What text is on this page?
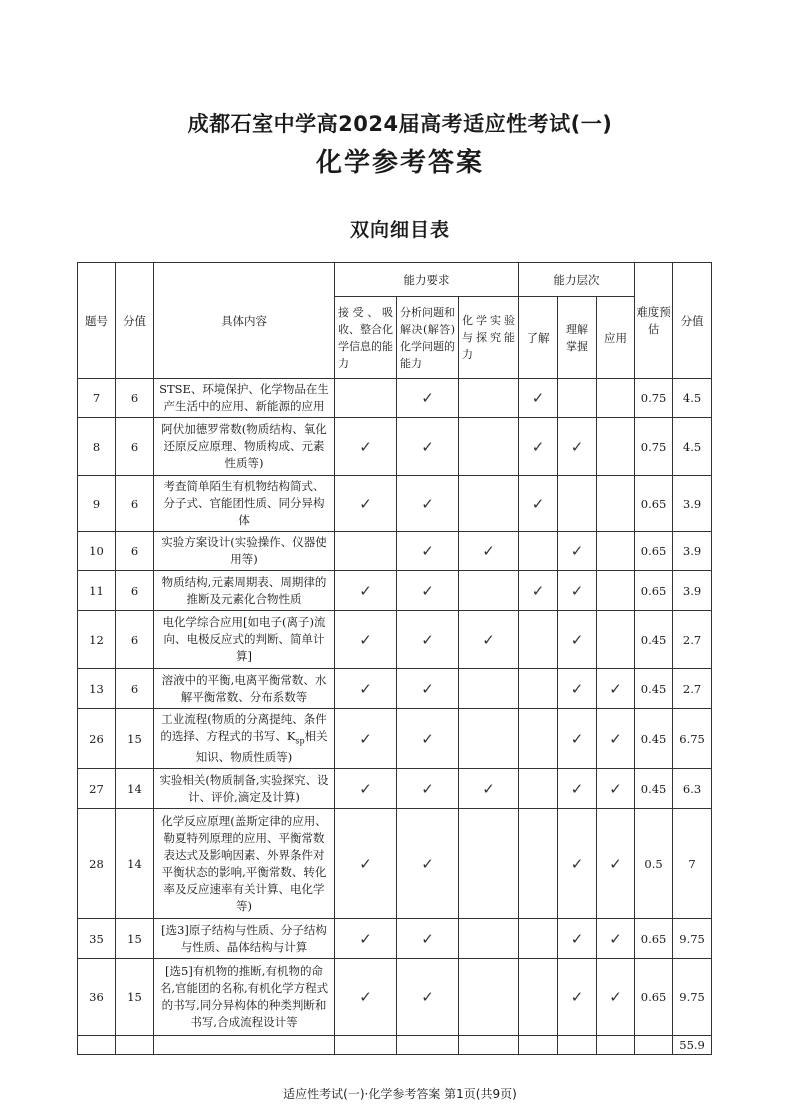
成都石室中学高2024届高考适应性考试(一)
化学参考答案
双向细目表
题号	分值	具体内容	能力要求			能力层次			难度预估	分值
			接受、吸收、整合化学信息的能力	分析问题和解决(解答)化学问题的能力	化学实验与探究能力	了解	理解掌握	应用		
7	6	STSE、环境保护、化学物品在生产生活中的应用、新能源的应用		✓		✓			0.75	4.5
8	6	阿伏加德罗常数(物质结构、氧化还原反应原理、物质构成、元素性质等)	✓	✓		✓	✓		0.75	4.5
9	6	考查简单陌生有机物结构简式、分子式、官能团性质、同分异构体	✓	✓		✓			0.65	3.9
10	6	实验方案设计(实验操作、仪器使用等)		✓	✓		✓		0.65	3.9
11	6	物质结构,元素周期表、周期律的推断及元素化合物性质	✓	✓		✓	✓		0.65	3.9
12	6	电化学综合应用[如电子(离子)流向、电极反应式的判断、简单计算]	✓	✓	✓		✓		0.45	2.7
13	6	溶液中的平衡,电离平衡常数、水解平衡常数、分布系数等	✓	✓			✓	✓	0.45	2.7
26	15	工业流程(物质的分离提纯、条件的选择、方程式的书写、$K_{sp}$相关知识、物质性质等)	✓	✓			✓	✓	0.45	6.75
27	14	实验相关(物质制备,实验探究、设计、评价,滴定及计算)	✓	✓	✓		✓	✓	0.45	6.3
28	14	化学反应原理(盖斯定律的应用、勒夏特列原理的应用、平衡常数表达式及影响因素、外界条件对平衡状态的影响,平衡常数、转化率及反应速率有关计算、电化学等)	✓	✓			✓	✓	0.5	7
35	15	[选3]原子结构与性质、分子结构与性质、晶体结构与计算	✓	✓			✓	✓	0.65	9.75
36	15	[选5]有机物的推断,有机物的命名,官能团的名称,有机化学方程式的书写,同分异构体的种类判断和书写,合成流程设计等	✓	✓			✓	✓	0.65	9.75
										55.9
适应性考试(一)·化学参考答案 第1页(共9页)
